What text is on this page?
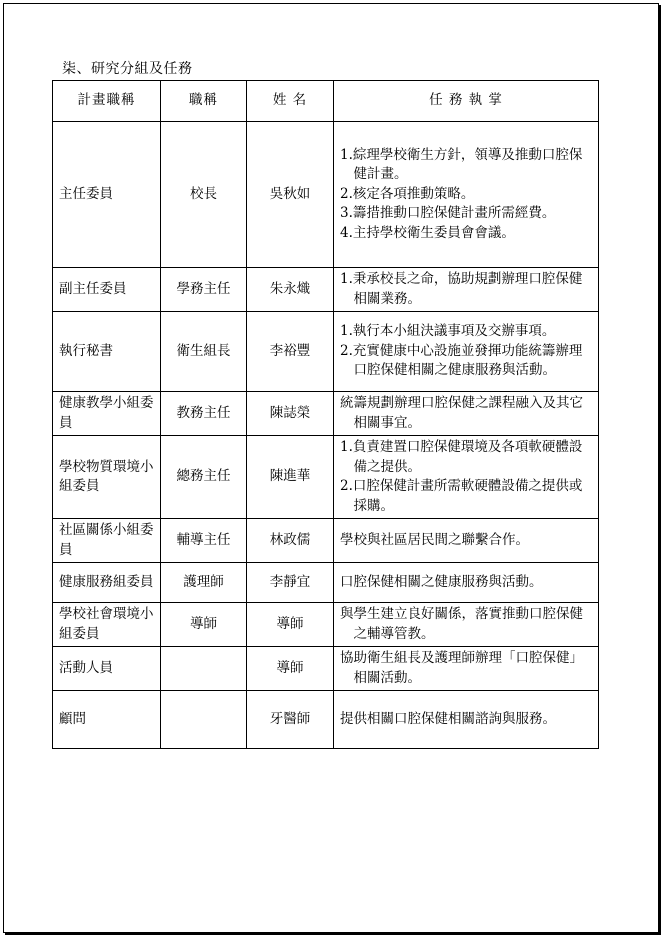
柒、研究分組及任務
計畫職稱	職稱	姓 名	任 務 執 掌
主任委員	校長	吳秋如	1.綜理學校衛生方針，領導及推動口腔保健計畫。
2.核定各項推動策略。
3.籌措推動口腔保健計畫所需經費。
4.主持學校衛生委員會會議。

副主任委員	學務主任	朱永熾	1.秉承校長之命，協助規劃辦理口腔保健相關業務。

執行秘書	衛生組長	李裕豐	1.執行本小組決議事項及交辦事項。
2.充實健康中心設施並發揮功能統籌辦理口腔保健相關之健康服務與活動。

健康教學小組委員	教務主任	陳誌榮	統籌規劃辦理口腔保健之課程融入及其它相關事宜。

學校物質環境小組委員	總務主任	陳進華	1.負責建置口腔保健環境及各項軟硬體設備之提供。
2.口腔保健計畫所需軟硬體設備之提供或採購。

社區關係小組委員	輔導主任	林政儒	學校與社區居民間之聯繫合作。

健康服務組委員	護理師	李靜宜	口腔保健相關之健康服務與活動。

學校社會環境小組委員	導師	導師	與學生建立良好關係，落實推動口腔保健之輔導管教。

活動人員		導師	協助衛生組長及護理師辦理「口腔保健」相關活動。

顧問		牙醫師	提供相關口腔保健相關諮詢與服務。
